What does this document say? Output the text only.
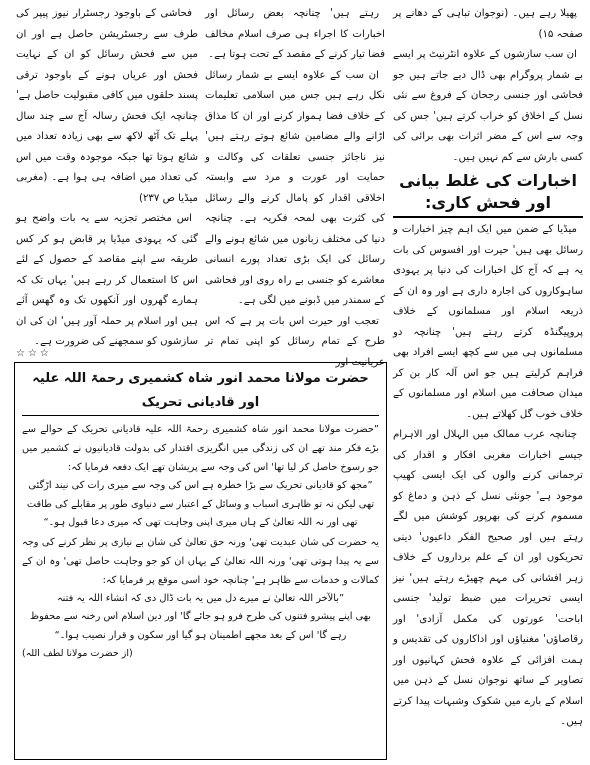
پھیلا رہے ہیں۔ (نوجوان تباہی کے دھانے پر صفحہ ۱۵)

ان سب سازشوں کے علاوہ انٹرنیٹ پر ایسے بے شمار پروگرام بھی ڈال دیے جاتے ہیں جو فحاشی اور جنسی رجحان کے فروغ سے نئی نسل کے اخلاق کو خراب کرتے ہیں' جس کی وجہ سے اس کے مضر اثرات بھی برائی کی کسی بارش سے کم نہیں ہیں۔

اخبارات کی غلط بیانی اور فحش کاری:

میڈیا کے ضمن میں ایک اہم چیز اخبارات و رسائل بھی ہیں' حیرت اور افسوس کی بات یہ ہے کہ آج کل اخبارات کی دنیا پر یہودی ساہوکاروں کی اجارہ داری ہے اور وہ ان کے ذریعہ اسلام اور مسلمانوں کے خلاف پروپیگنڈہ کرتے رہتے ہیں' چنانچہ دو مسلمانوں ہی میں سے کچھ ایسے افراد بھی فراہم کرلیتے ہیں جو اس آلہ کار بن کر میدان صحافت میں اسلام اور مسلمانوں کے خلاف خوب گل کھلاتے ہیں۔

چنانچہ عرب ممالک میں الہلال اور الاہرام جیسے اخبارات مغربی افکار و اقدار کی ترجمانی کرنے والوں کی ایک ایسی کھیپ موجود ہے' جونئی نسل کے ذہن و دماغ کو مسموم کرنے کی بھرپور کوشش میں لگے رہتے ہیں اور صحیح الفکر داعیوں' دینی تحریکوں اور ان کے علم برداروں کے خلاف زہر افشانی کی مہم چھیڑے رہتے ہیں' نیز ایسی تحریرات میں ضبط تولید' جنسی اباحت' عورتوں کی مکمل آزادی' اور رقاصاؤں' مغنیاؤں اور اداکاروں کی تقدیس و ہمت افزائی کے علاوہ فحش کہانیوں اور تصاویر کے ساتھ نوجوان نسل کے ذہن میں اسلام کے بارے میں شکوک وشبہات پیدا کرتے ہیں۔

رہتے ہیں' چنانچہ بعض رسائل اور اخبارات کا اجراء ہی صرف اسلام مخالف فضا تیار کرنے کے مقصد کے تحت ہوتا ہے۔

ان سب کے علاوہ ایسے بے شمار رسائل نکل رہے ہیں جس میں اسلامی تعلیمات کے خلاف فضا ہموار کرنے اور ان کا مذاق اڑانے والے مضامین شائع ہوتے رہتے ہیں' نیز ناجائز جنسی تعلقات کی وکالت و حمایت اور عورت و مرد سے وابستہ اخلاقی اقدار کو پامال کرنے والے رسائل کی کثرت بھی لمحہ فکریہ ہے۔ چنانچہ دنیا کی مختلف زبانوں میں شائع ہونے والے رسائل کی ایک بڑی تعداد پورے انسانی معاشرے کو جنسی بے راہ روی اور فحاشی کے سمندر میں ڈبونے میں لگی ہے۔

تعجب اور حیرت اس بات پر ہے کہ اس طرح کے تمام رسائل کو اپنی تمام تر عریانیت اور

فحاشی کے باوجود رجسٹرار نیوز پیپر کی طرف سے رجسٹریشن حاصل ہے اور ان میں سے فحش رسائل کو ان کے نہایت فحش اور عریاں ہونے کے باوجود ترقی پسند حلقوں میں کافی مقبولیت حاصل ہے' چنانچہ ایک فحش رسالہ آج سے چند سال پہلے تک آٹھ لاکھ سے بھی زیادہ تعداد میں شائع ہوتا تھا جبکہ موجودہ وقت میں اس کی تعداد میں اضافہ ہی ہوا ہے۔ (مغربی میڈیا ص ۲۳۷)

اس مختصر تجزیہ سے یہ بات واضح ہو گئی کہ یہودی میڈیا پر قابض ہو کر کس طریقہ سے اپنے مقاصد کے حصول کے لئے اس کا استعمال کر رہے ہیں' یہاں تک کہ ہمارے گھروں اور آنکھوں تک وہ گھس آئے ہیں اور اسلام پر حملہ آور ہیں' ان کی ان سازشوں کو سمجھنے کی ضرورت ہے۔

☆☆☆
حضرت مولانا محمد انور شاہ کشمیری رحمۃ اللہ علیہ اور قادیانی تحریک

”حضرت مولانا محمد انور شاہ کشمیری رحمۃ اللہ علیہ قادیانی تحریک کے حوالے سے بڑے فکر مند تھے ان کی زندگی میں انگریزی اقتدار کی بدولت قادیانیوں نے کشمیر میں جو رسوخ حاصل کر لیا تھا' اس کی وجہ سے پریشان تھے ایک دفعہ فرمایا کہ:

”مجھ کو قادیانی تحریک سے بڑا خطرہ ہے اس کی وجہ سے میری رات کی نیند اڑگئی
تھی لیکن نہ تو ظاہری اسباب و وسائل کے اعتبار سے دنیاوی طور پر مقابلے کی طاقت
تھی اور نہ اللہ تعالیٰ کے ہاں میری اپنی وجاہت تھی کہ میری دعا قبول ہو۔“

یہ حضرت کی شان عبدیت تھی' ورنہ حق تعالیٰ کی شان بے نیازی پر نظر کرنے کی وجہ سے یہ پیدا ہوتی تھی' ورنہ اللہ تعالیٰ کے یہاں ان کو جو وجاہت حاصل تھی' وہ ان کے کمالات و خدمات سے ظاہر ہے' چنانچہ خود اسی موقع پر فرمایا کہ:

”بالآخر اللہ تعالیٰ نے میرے دل میں یہ بات ڈال دی کہ انشاء اللہ یہ فتنہ
بھی اپنے پیشرو فتنوں کی طرح فرو ہو جائے گا' اور دین اسلام اس رخنہ سے محفوظ
رہے گا' اس کے بعد مجھے اطمینان ہو گیا اور سکون و قرار نصیب ہوا۔“
(از حضرت مولانا لطف اللہ)
